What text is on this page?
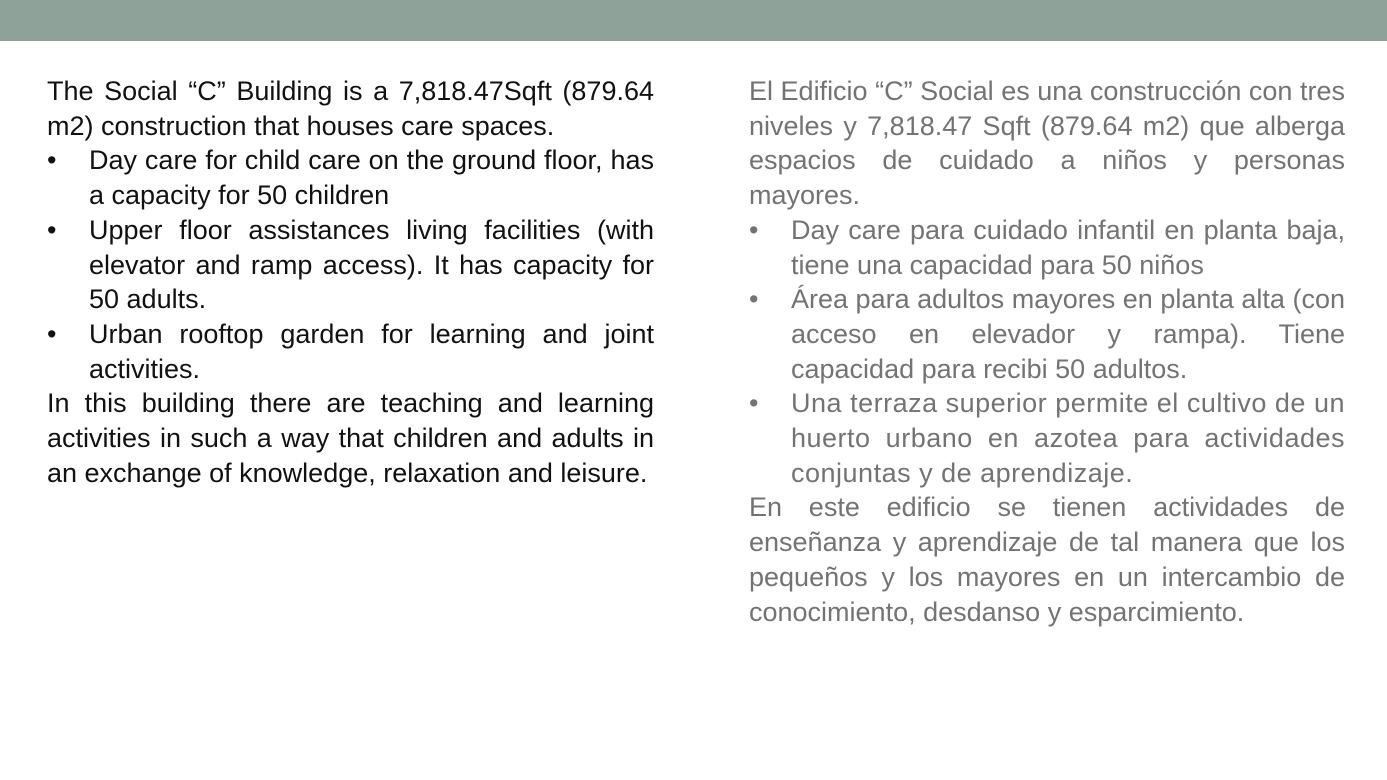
The Social “C” Building is a 7,818.47Sqft (879.64 m2) construction that houses care spaces.

• Day care for child care on the ground floor, has a capacity for 50 children
• Upper floor assistances living facilities (with elevator and ramp access). It has capacity for 50 adults.
• Urban rooftop garden for learning and joint activities.

In this building there are teaching and learning activities in such a way that children and adults in an exchange of knowledge, relaxation and leisure.

El Edificio “C” Social es una construcción con tres niveles y 7,818.47 Sqft (879.64 m2) que alberga espacios de cuidado a niños y personas mayores.

• Day care para cuidado infantil en planta baja, tiene una capacidad para 50 niños
• Área para adultos mayores en planta alta (con acceso en elevador y rampa). Tiene capacidad para recibi 50 adultos.
• Una terraza superior permite el cultivo de un huerto urbano en azotea para actividades conjuntas y de aprendizaje.

En este edificio se tienen actividades de enseñanza y aprendizaje de tal manera que los pequeños y los mayores en un intercambio de conocimiento, desdanso y esparcimiento.
